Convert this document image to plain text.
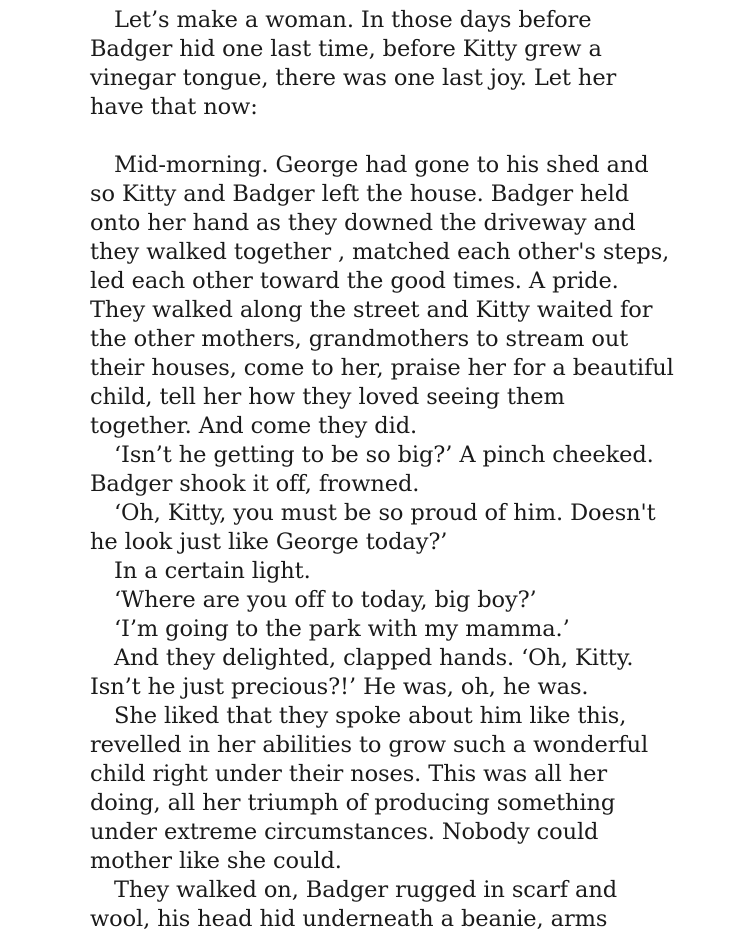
Let’s make a woman. In those days before
Badger hid one last time, before Kitty grew a
vinegar tongue, there was one last joy. Let her
have that now:
Mid-morning. George had gone to his shed and
so Kitty and Badger left the house. Badger held
onto her hand as they downed the driveway and
they walked together , matched each other's steps,
led each other toward the good times. A pride.
They walked along the street and Kitty waited for
the other mothers, grandmothers to stream out
their houses, come to her, praise her for a beautiful
child, tell her how they loved seeing them
together. And come they did.
‘Isn’t he getting to be so big?’ A pinch cheeked.
Badger shook it off, frowned.
‘Oh, Kitty, you must be so proud of him. Doesn't
he look just like George today?’
In a certain light.
‘Where are you off to today, big boy?’
‘I’m going to the park with my mamma.’
And they delighted, clapped hands. ‘Oh, Kitty.
Isn’t he just precious?!’ He was, oh, he was.
She liked that they spoke about him like this,
revelled in her abilities to grow such a wonderful
child right under their noses. This was all her
doing, all her triumph of producing something
under extreme circumstances. Nobody could
mother like she could.
They walked on, Badger rugged in scarf and
wool, his head hid underneath a beanie, arms
